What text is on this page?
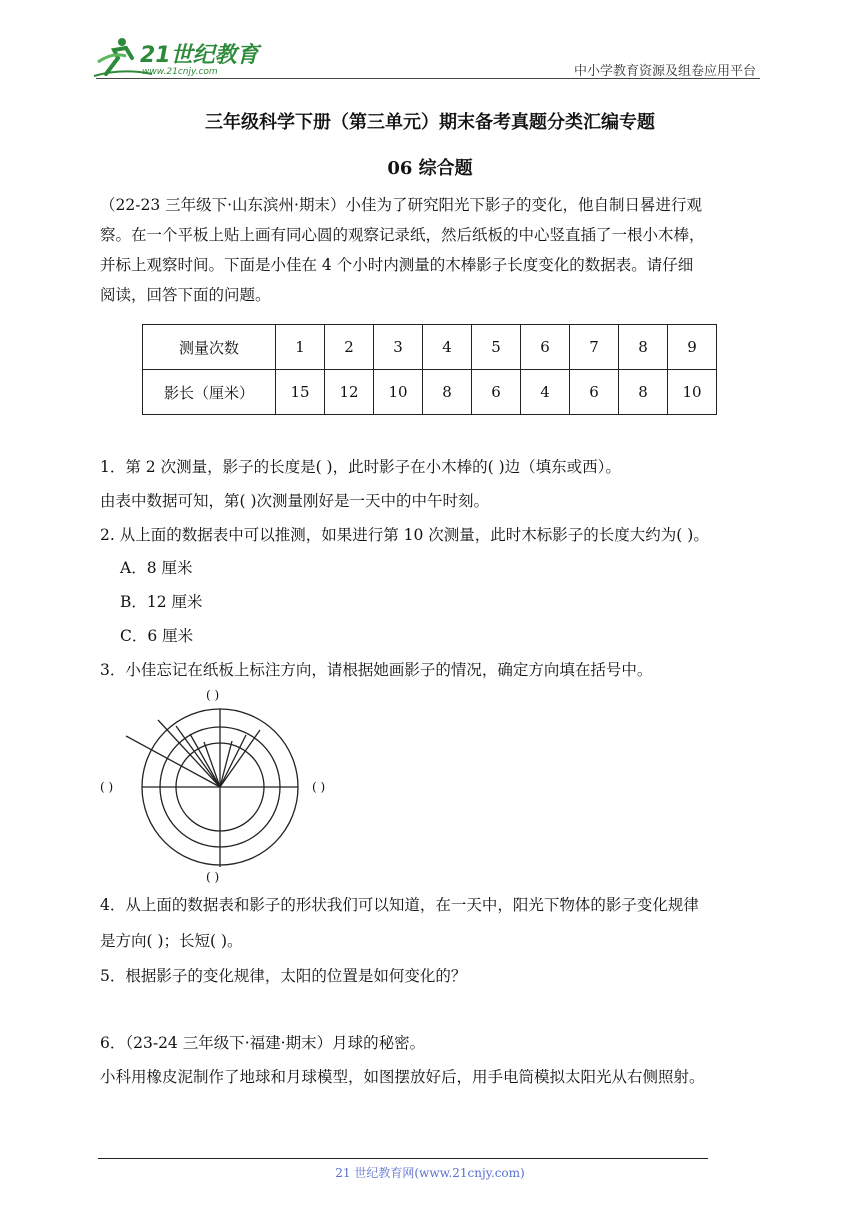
21世纪教育
www.21cnjy.com	中小学教育资源及组卷应用平台
三年级科学下册（第三单元）期末备考真题分类汇编专题
06 综合题
（22-23 三年级下·山东滨州·期末）小佳为了研究阳光下影子的变化，他自制日晷进行观
察。在一个平板上贴上画有同心圆的观察记录纸，然后纸板的中心竖直插了一根小木棒，
并标上观察时间。下面是小佳在 4 个小时内测量的木棒影子长度变化的数据表。请仔细
阅读，回答下面的问题。
测量次数	1	2	3	4	5	6	7	8	9
影长（厘米）	15	12	10	8	6	4	6	8	10
1．第 2 次测量，影子的长度是( )，此时影子在小木棒的( )边（填东或西）。
由表中数据可知，第( )次测量刚好是一天中的中午时刻。
2. 从上面的数据表中可以推测，如果进行第 10 次测量，此时木标影子的长度大约为( )。
A．8 厘米
B．12 厘米
C．6 厘米
3．小佳忘记在纸板上标注方向，请根据她画影子的情况，确定方向填在括号中。
( )
( )	( )
( )
4．从上面的数据表和影子的形状我们可以知道，在一天中，阳光下物体的影子变化规律
是方向( )；长短( )。
5．根据影子的变化规律，太阳的位置是如何变化的？
6．（23-24 三年级下·福建·期末）月球的秘密。
小科用橡皮泥制作了地球和月球模型，如图摆放好后，用手电筒模拟太阳光从右侧照射。
21 世纪教育网(www.21cnjy.com)
